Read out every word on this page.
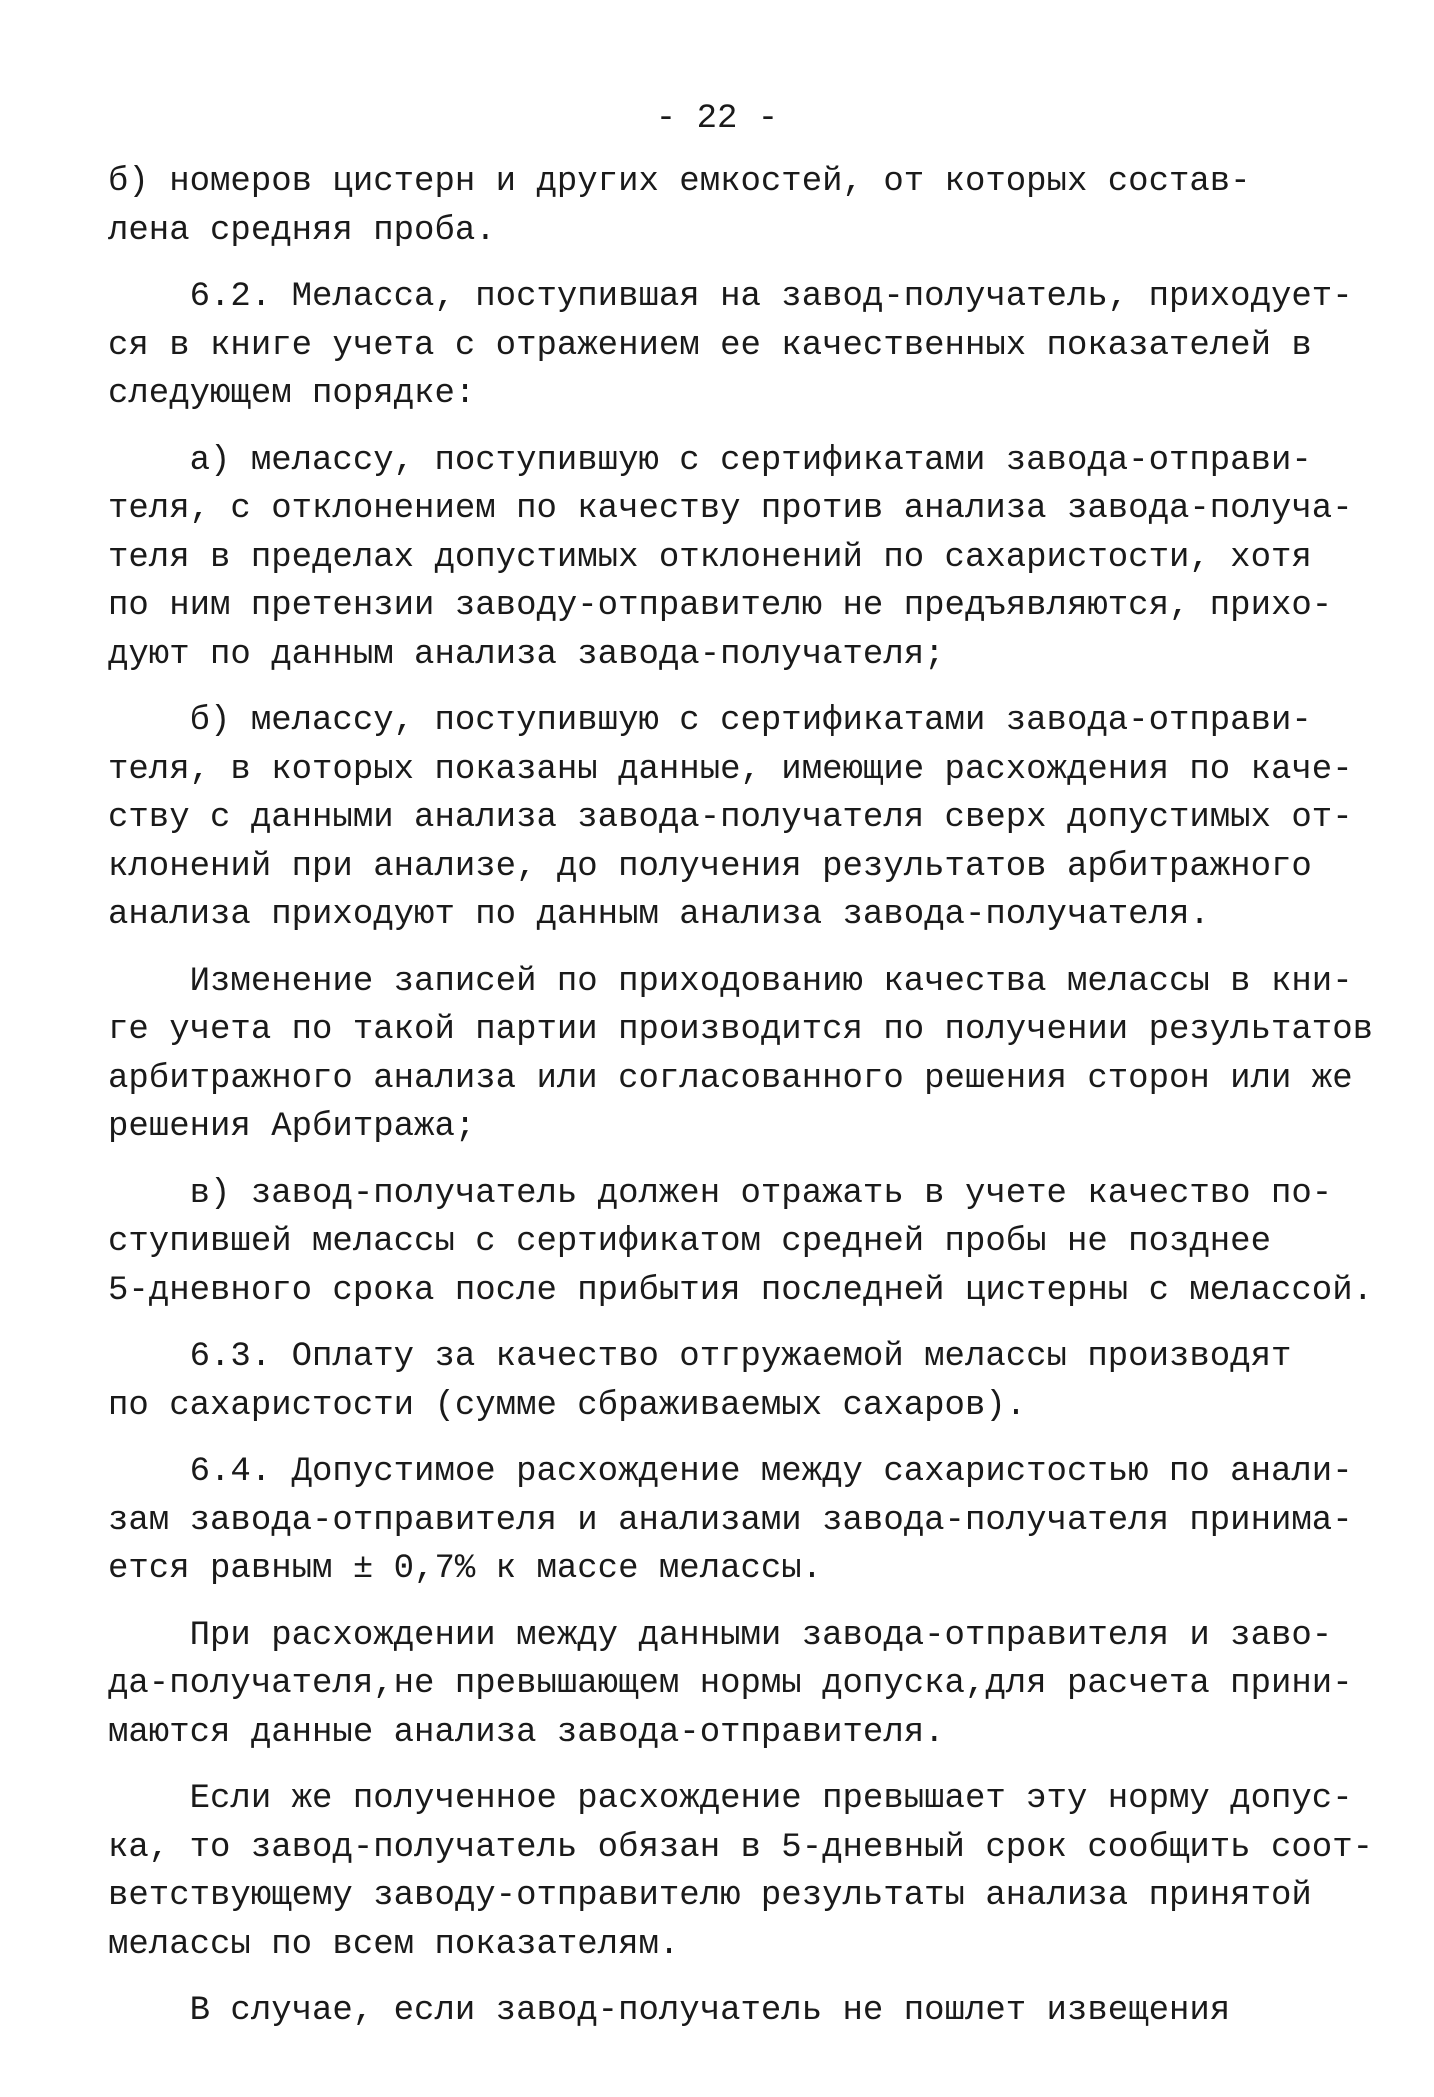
- 22 -
б) номеров цистерн и других емкостей, от которых состав-
лена средняя проба.
6.2. Меласса, поступившая на завод-получатель, приходует-
ся в книге учета с отражением ее качественных показателей в
следующем порядке:
а) мелассу, поступившую с сертификатами завода-отправи-
теля, с отклонением по качеству против анализа завода-получа-
теля в пределах допустимых отклонений по сахаристости, хотя
по ним претензии заводу-отправителю не предъявляются, прихо-
дуют по данным анализа завода-получателя;
б) мелассу, поступившую с сертификатами завода-отправи-
теля, в которых показаны данные, имеющие расхождения по каче-
ству с данными анализа завода-получателя сверх допустимых от-
клонений при анализе, до получения результатов арбитражного
анализа приходуют по данным анализа завода-получателя.
Изменение записей по приходованию качества мелассы в кни-
ге учета по такой партии производится по получении результатов
арбитражного анализа или согласованного решения сторон или же
решения Арбитража;
в) завод-получатель должен отражать в учете качество по-
ступившей мелассы с сертификатом средней пробы не позднее
5-дневного срока после прибытия последней цистерны с мелассой.
6.3. Оплату за качество отгружаемой мелассы производят
по сахаристости (сумме сбраживаемых сахаров).
6.4. Допустимое расхождение между сахаристостью по анали-
зам завода-отправителя и анализами завода-получателя принима-
ется равным ± 0,7% к массе мелассы.
При расхождении между данными завода-отправителя и заво-
да-получателя,не превышающем нормы допуска,для расчета прини-
маются данные анализа завода-отправителя.
Если же полученное расхождение превышает эту норму допус-
ка, то завод-получатель обязан в 5-дневный срок сообщить соот-
ветствующему заводу-отправителю результаты анализа принятой
мелассы по всем показателям.
В случае, если завод-получатель не пошлет извещения
